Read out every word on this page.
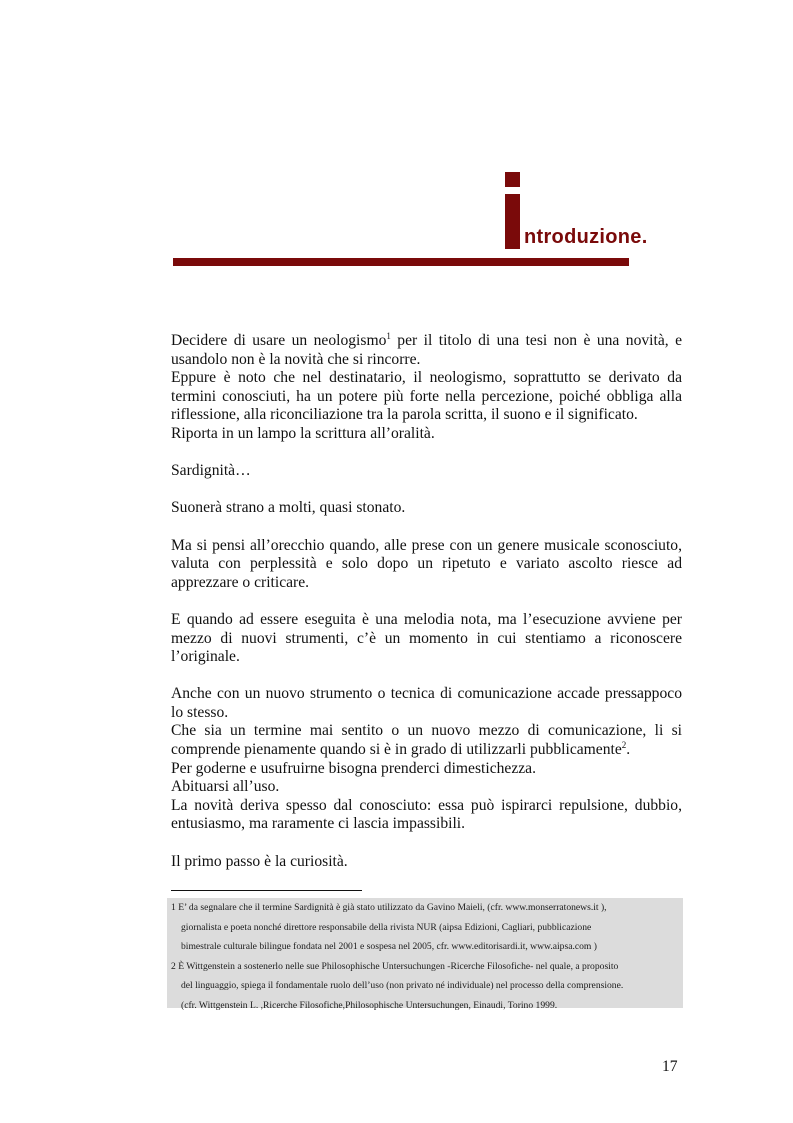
ntroduzione.

Decidere di usare un neologismo$^1$ per il titolo di una tesi non è una novità, e usandolo non è la novità che si rincorre.

Eppure è noto che nel destinatario, il neologismo, soprattutto se derivato da termini conosciuti, ha un potere più forte nella percezione, poiché obbliga alla riflessione, alla riconciliazione tra la parola scritta, il suono e il significato.

Riporta in un lampo la scrittura all’oralità.

Sardignità…

Suonerà strano a molti, quasi stonato.

Ma si pensi all’orecchio quando, alle prese con un genere musicale sconosciuto, valuta con perplessità e solo dopo un ripetuto e variato ascolto riesce ad apprezzare o criticare.

E quando ad essere eseguita è una melodia nota, ma l’esecuzione avviene per mezzo di nuovi strumenti, c’è un momento in cui stentiamo a riconoscere l’originale.

Anche con un nuovo strumento o tecnica di comunicazione accade pressappoco lo stesso.

Che sia un termine mai sentito o un nuovo mezzo di comunicazione, li si comprende pienamente quando si è in grado di utilizzarli pubblicamente$^2$.

Per goderne e usufruirne bisogna prenderci dimestichezza.

Abituarsi all’uso.

La novità deriva spesso dal conosciuto: essa può ispirarci repulsione, dubbio, entusiasmo, ma raramente ci lascia impassibili.

Il primo passo è la curiosità.

1 E’ da segnalare che il termine Sardignità è già stato utilizzato da Gavino Maieli, (cfr. www.monserratonews.it ),
giornalista e poeta nonché direttore responsabile della rivista NUR (aipsa Edizioni, Cagliari, pubblicazione
bimestrale culturale bilingue fondata nel 2001 e sospesa nel 2005, cfr. www.editorisardi.it, www.aipsa.com )
2 È Wittgenstein a sostenerlo nelle sue Philosophische Untersuchungen -Ricerche Filosofiche- nel quale, a proposito
del linguaggio, spiega il fondamentale ruolo dell’uso (non privato né individuale) nel processo della comprensione.
(cfr. Wittgenstein L. ,Ricerche Filosofiche,Philosophische Untersuchungen, Einaudi, Torino 1999.
17
